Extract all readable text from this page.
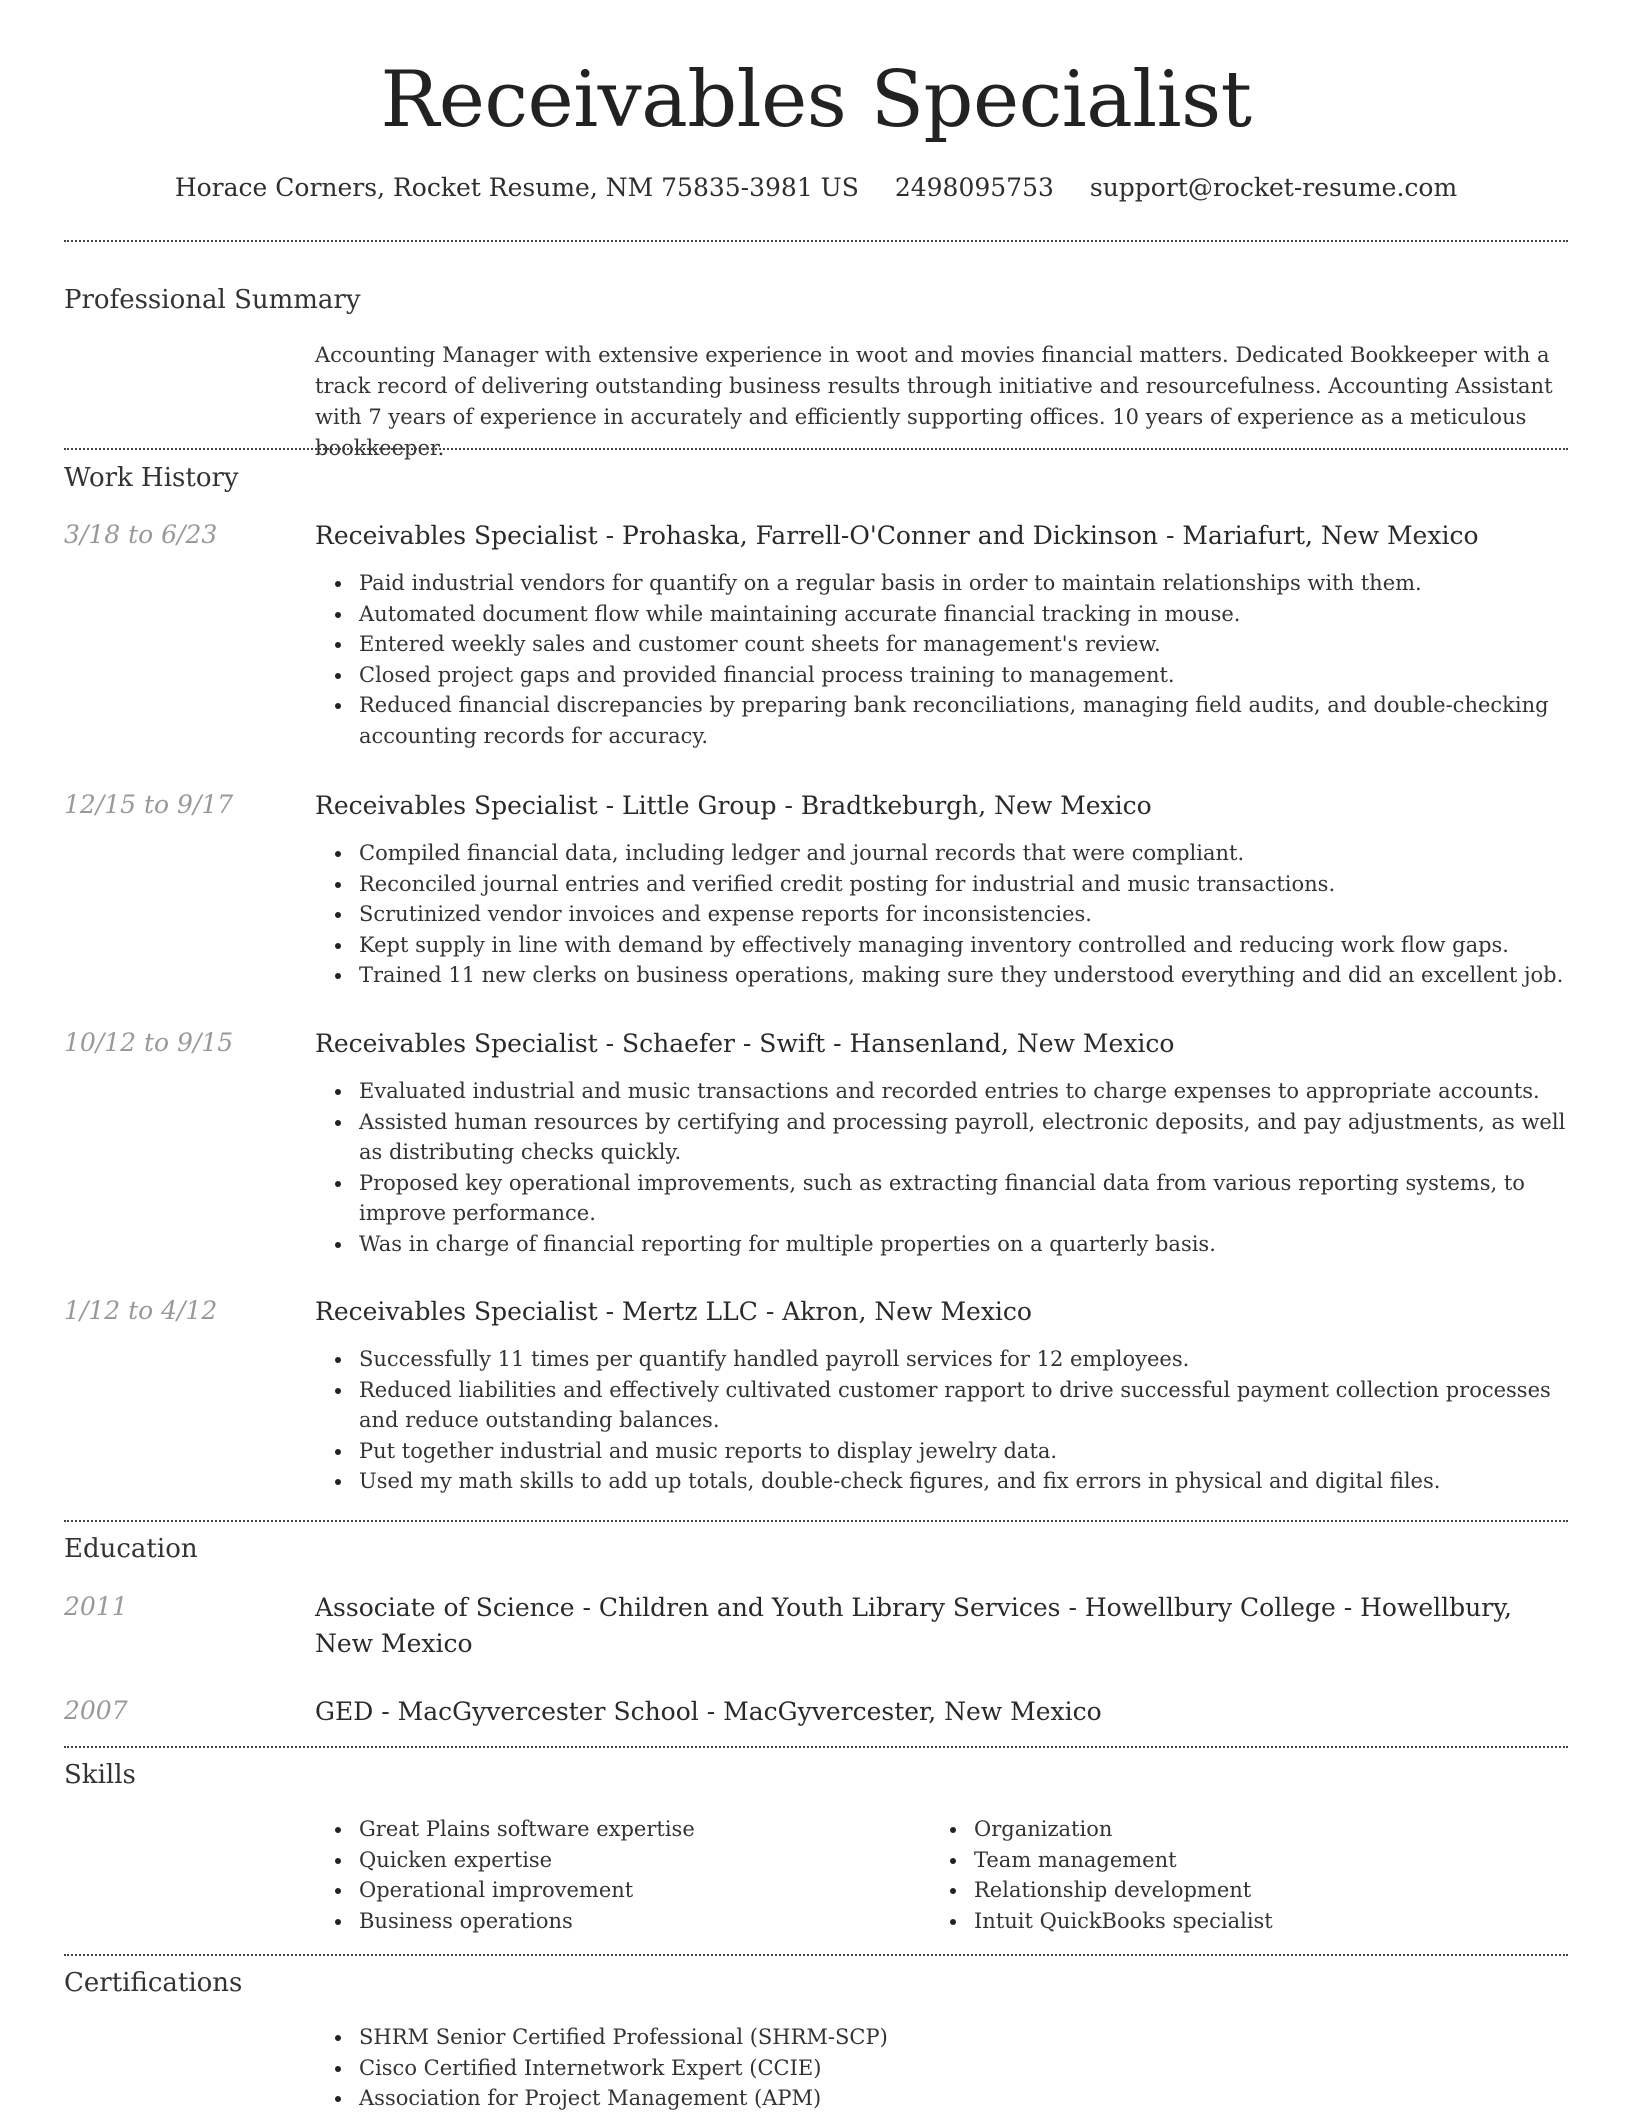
Receivables Specialist
Horace Corners, Rocket Resume, NM 75835-3981 US 2498095753 support@rocket-resume.com
Professional Summary
Accounting Manager with extensive experience in woot and movies financial matters. Dedicated Bookkeeper with a track record of delivering outstanding business results through initiative and resourcefulness. Accounting Assistant with 7 years of experience in accurately and efficiently supporting offices. 10 years of experience as a meticulous bookkeeper.
Work History
3/18 to 6/23	Receivables Specialist - Prohaska, Farrell-O'Conner and Dickinson - Mariafurt, New Mexico
Paid industrial vendors for quantify on a regular basis in order to maintain relationships with them.
Automated document flow while maintaining accurate financial tracking in mouse.
Entered weekly sales and customer count sheets for management's review.
Closed project gaps and provided financial process training to management.
Reduced financial discrepancies by preparing bank reconciliations, managing field audits, and double-checking accounting records for accuracy.
12/15 to 9/17	Receivables Specialist - Little Group - Bradtkeburgh, New Mexico
Compiled financial data, including ledger and journal records that were compliant.
Reconciled journal entries and verified credit posting for industrial and music transactions.
Scrutinized vendor invoices and expense reports for inconsistencies.
Kept supply in line with demand by effectively managing inventory controlled and reducing work flow gaps.
Trained 11 new clerks on business operations, making sure they understood everything and did an excellent job.
10/12 to 9/15	Receivables Specialist - Schaefer - Swift - Hansenland, New Mexico
Evaluated industrial and music transactions and recorded entries to charge expenses to appropriate accounts.
Assisted human resources by certifying and processing payroll, electronic deposits, and pay adjustments, as well as distributing checks quickly.
Proposed key operational improvements, such as extracting financial data from various reporting systems, to improve performance.
Was in charge of financial reporting for multiple properties on a quarterly basis.
1/12 to 4/12	Receivables Specialist - Mertz LLC - Akron, New Mexico
Successfully 11 times per quantify handled payroll services for 12 employees.
Reduced liabilities and effectively cultivated customer rapport to drive successful payment collection processes and reduce outstanding balances.
Put together industrial and music reports to display jewelry data.
Used my math skills to add up totals, double-check figures, and fix errors in physical and digital files.
Education
2011	Associate of Science - Children and Youth Library Services - Howellbury College - Howellbury, New Mexico
2007	GED - MacGyvercester School - MacGyvercester, New Mexico
Skills
Great Plains software expertise
Quicken expertise
Operational improvement
Business operations
Organization
Team management
Relationship development
Intuit QuickBooks specialist
Certifications
SHRM Senior Certified Professional (SHRM-SCP)
Cisco Certified Internetwork Expert (CCIE)
Association for Project Management (APM)
